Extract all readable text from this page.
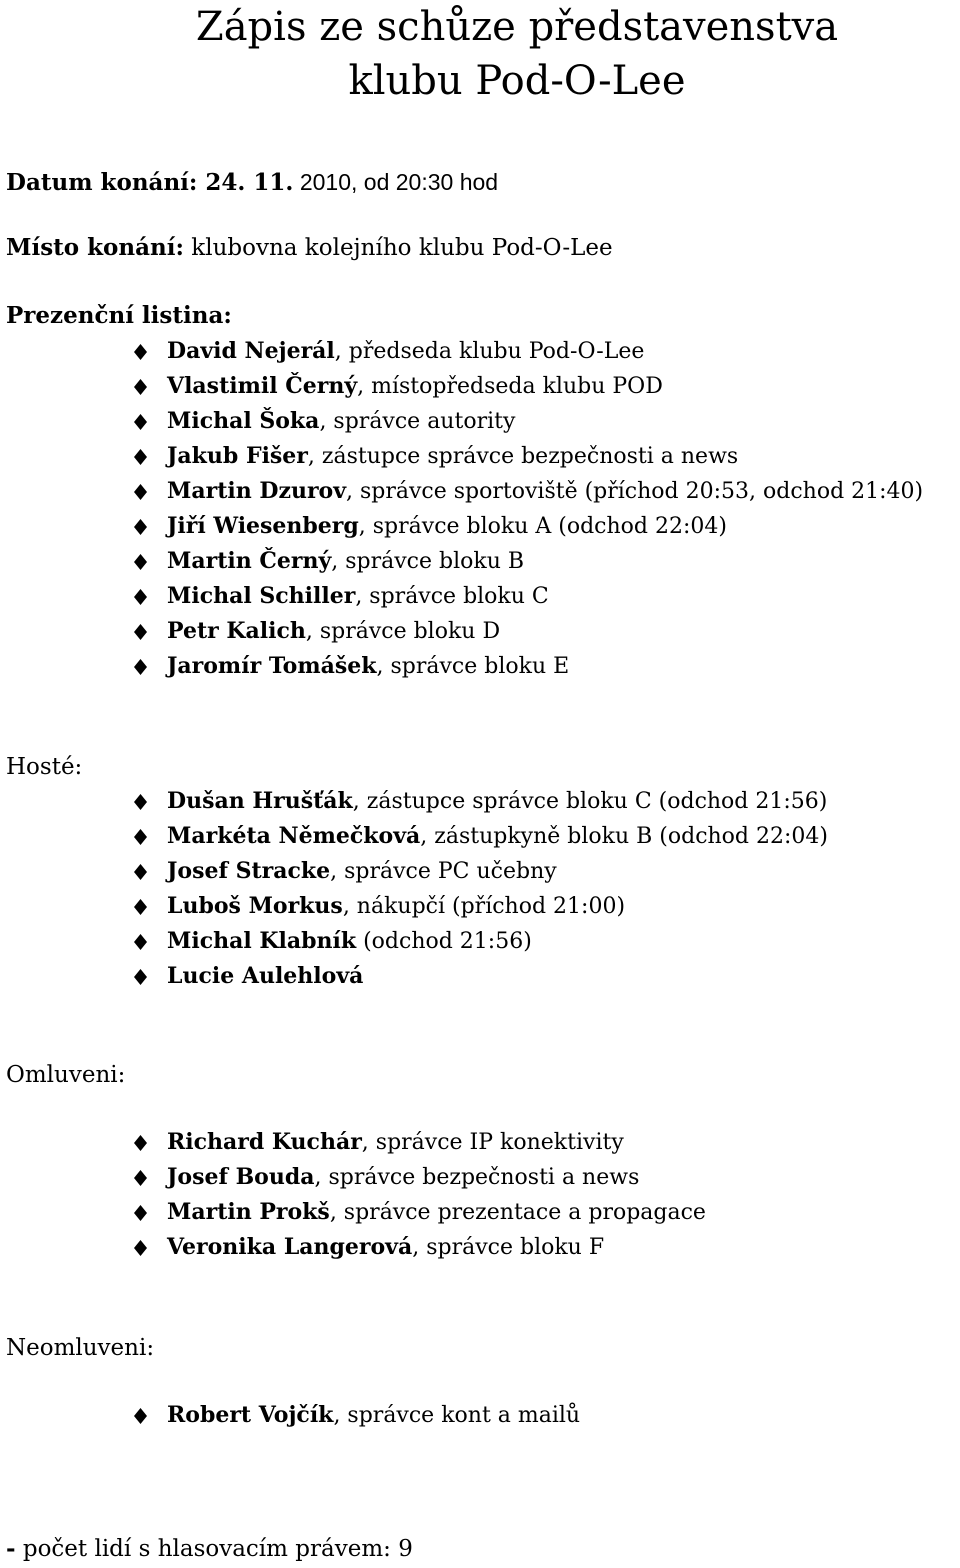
Zápis ze schůze představenstva
klubu Pod-O-Lee

Datum konání: 24. 11. 2010, od 20:30 hod

Místo konání: klubovna kolejního klubu Pod-O-Lee

Prezenční listina:

David Nejerál, předseda klubu Pod-O-Lee
Vlastimil Černý, místopředseda klubu POD
Michal Šoka, správce autority
Jakub Fišer, zástupce správce bezpečnosti a news
Martin Dzurov, správce sportoviště (příchod 20:53, odchod 21:40)
Jiří Wiesenberg, správce bloku A (odchod 22:04)
Martin Černý, správce bloku B
Michal Schiller, správce bloku C
Petr Kalich, správce bloku D
Jaromír Tomášek, správce bloku E

Hosté:

Dušan Hrušťák, zástupce správce bloku C (odchod 21:56)
Markéta Němečková, zástupkyně bloku B (odchod 22:04)
Josef Stracke, správce PC učebny
Luboš Morkus, nákupčí (příchod 21:00)
Michal Klabník (odchod 21:56)
Lucie Aulehlová

Omluveni:

Richard Kuchár, správce IP konektivity
Josef Bouda, správce bezpečnosti a news
Martin Prokš, správce prezentace a propagace
Veronika Langerová, správce bloku F

Neomluveni:

Robert Vojčík, správce kont a mailů

- počet lidí s hlasovacím právem: 9
